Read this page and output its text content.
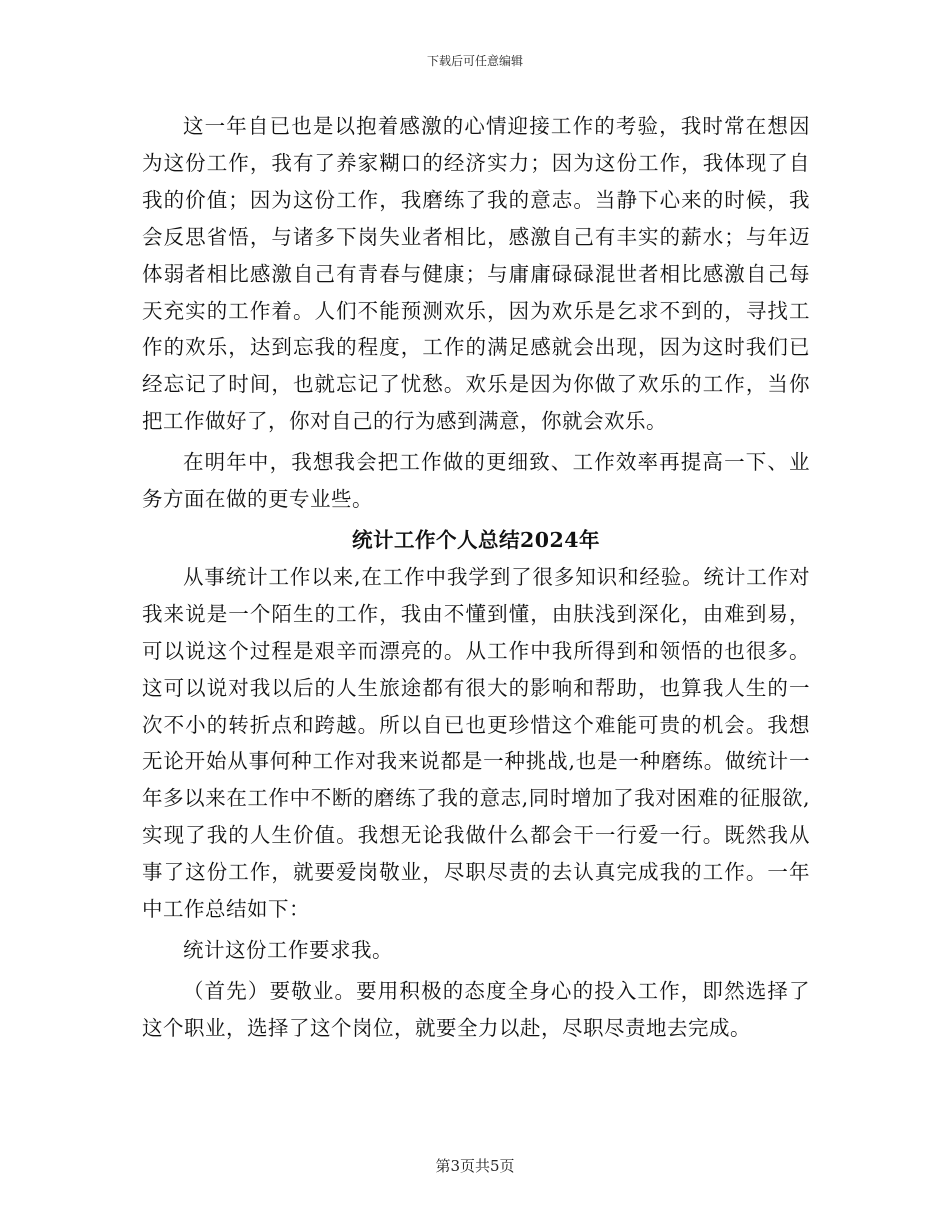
下载后可任意编辑

这一年自已也是以抱着感激的心情迎接工作的考验，我时常在想因为这份工作，我有了养家糊口的经济实力；因为这份工作，我体现了自我的价值；因为这份工作，我磨练了我的意志。当静下心来的时候，我会反思省悟，与诸多下岗失业者相比，感激自己有丰实的薪水；与年迈体弱者相比感激自己有青春与健康；与庸庸碌碌混世者相比感激自己每天充实的工作着。人们不能预测欢乐，因为欢乐是乞求不到的，寻找工作的欢乐，达到忘我的程度，工作的满足感就会出现，因为这时我们已经忘记了时间，也就忘记了忧愁。欢乐是因为你做了欢乐的工作，当你把工作做好了，你对自己的行为感到满意，你就会欢乐。

在明年中，我想我会把工作做的更细致、工作效率再提高一下、业务方面在做的更专业些。

统计工作个人总结2024年

从事统计工作以来,在工作中我学到了很多知识和经验。统计工作对我来说是一个陌生的工作，我由不懂到懂，由肤浅到深化，由难到易，可以说这个过程是艰辛而漂亮的。从工作中我所得到和领悟的也很多。这可以说对我以后的人生旅途都有很大的影响和帮助，也算我人生的一次不小的转折点和跨越。所以自已也更珍惜这个难能可贵的机会。我想无论开始从事何种工作对我来说都是一种挑战,也是一种磨练。做统计一年多以来在工作中不断的磨练了我的意志,同时增加了我对困难的征服欲,实现了我的人生价值。我想无论我做什么都会干一行爱一行。既然我从事了这份工作，就要爱岗敬业，尽职尽责的去认真完成我的工作。一年中工作总结如下：

统计这份工作要求我。

（首先）要敬业。要用积极的态度全身心的投入工作，即然选择了这个职业，选择了这个岗位，就要全力以赴，尽职尽责地去完成。

第3页共5页
